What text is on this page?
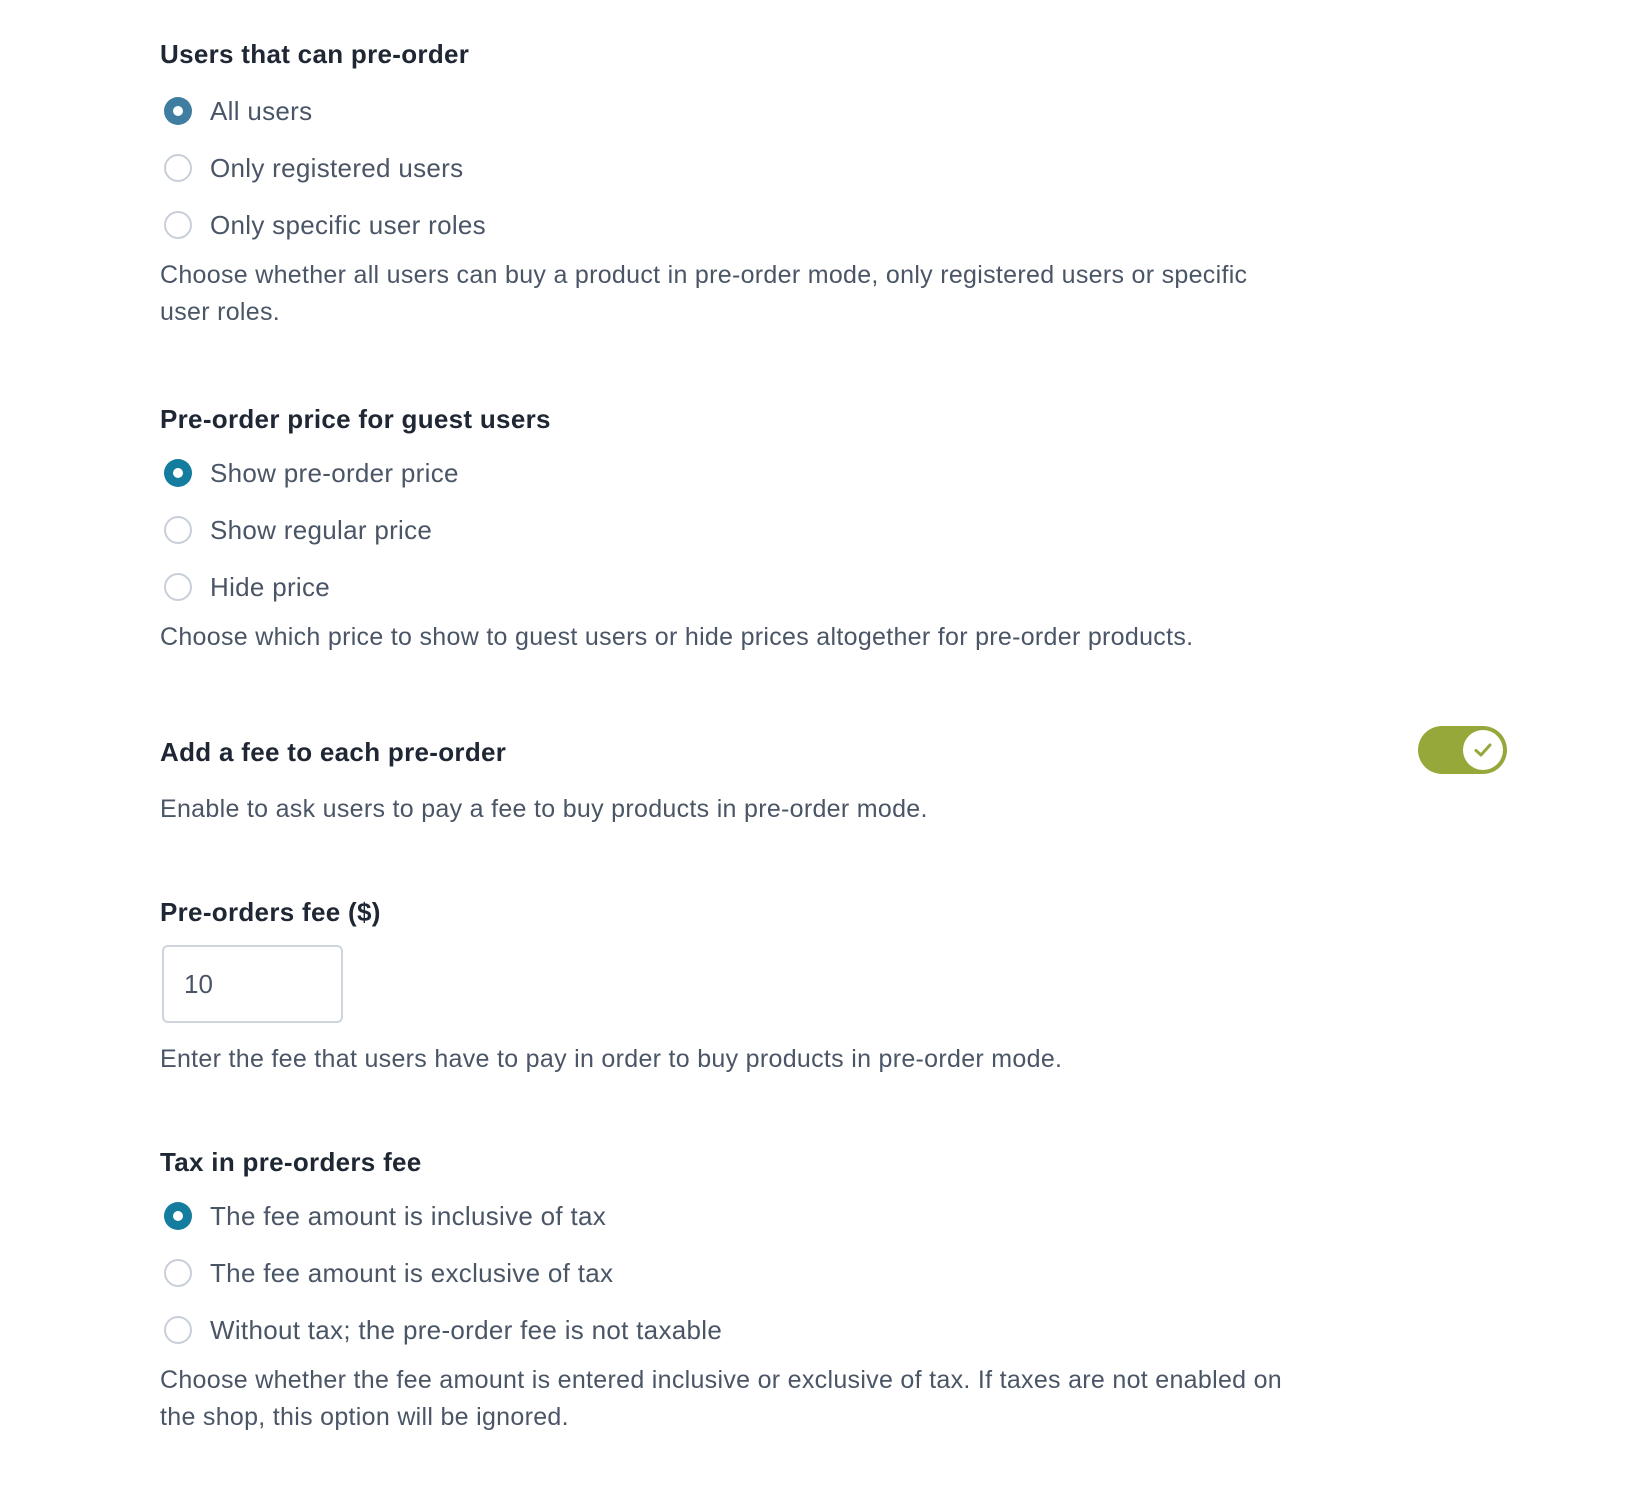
Users that can pre-order
All users
Only registered users
Only specific user roles

Choose whether all users can buy a product in pre-order mode, only registered users or specific
user roles.

Pre-order price for guest users
Show pre-order price
Show regular price
Hide price

Choose which price to show to guest users or hide prices altogether for pre-order products.

Add a fee to each pre-order

Enable to ask users to pay a fee to buy products in pre-order mode.

Pre-orders fee ($)
10

Enter the fee that users have to pay in order to buy products in pre-order mode.

Tax in pre-orders fee
The fee amount is inclusive of tax
The fee amount is exclusive of tax
Without tax; the pre-order fee is not taxable

Choose whether the fee amount is entered inclusive or exclusive of tax. If taxes are not enabled on
the shop, this option will be ignored.
